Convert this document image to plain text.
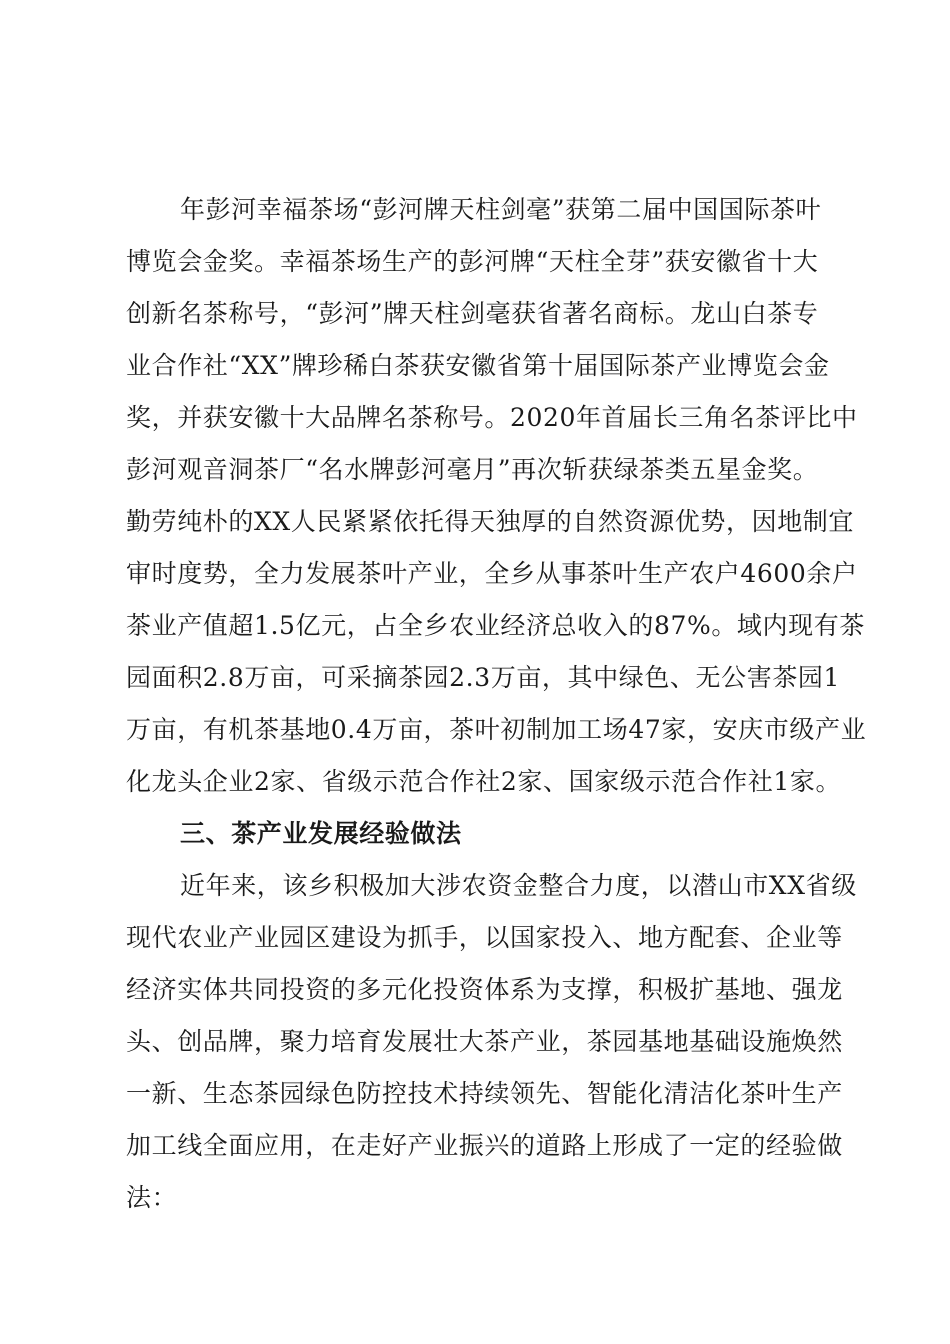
年彭河幸福茶场“彭河牌天柱剑毫”获第二届中国国际茶叶
博览会金奖。幸福茶场生产的彭河牌“天柱全芽”获安徽省十大
创新名茶称号，“彭河”牌天柱剑毫获省著名商标。龙山白茶专
业合作社“XX”牌珍稀白茶获安徽省第十届国际茶产业博览会金
奖，并获安徽十大品牌名茶称号。2020年首届长三角名茶评比中
彭河观音洞茶厂“名水牌彭河毫月”再次斩获绿茶类五星金奖。
勤劳纯朴的XX人民紧紧依托得天独厚的自然资源优势，因地制宜
审时度势，全力发展茶叶产业，全乡从事茶叶生产农户4600余户
茶业产值超1.5亿元，占全乡农业经济总收入的87%。域内现有茶
园面积2.8万亩，可采摘茶园2.3万亩，其中绿色、无公害茶园1
万亩，有机茶基地0.4万亩，茶叶初制加工场47家，安庆市级产业
化龙头企业2家、省级示范合作社2家、国家级示范合作社1家。
三、茶产业发展经验做法
近年来，该乡积极加大涉农资金整合力度，以潜山市XX省级
现代农业产业园区建设为抓手，以国家投入、地方配套、企业等
经济实体共同投资的多元化投资体系为支撑，积极扩基地、强龙
头、创品牌，聚力培育发展壮大茶产业，茶园基地基础设施焕然
一新、生态茶园绿色防控技术持续领先、智能化清洁化茶叶生产
加工线全面应用，在走好产业振兴的道路上形成了一定的经验做
法：
